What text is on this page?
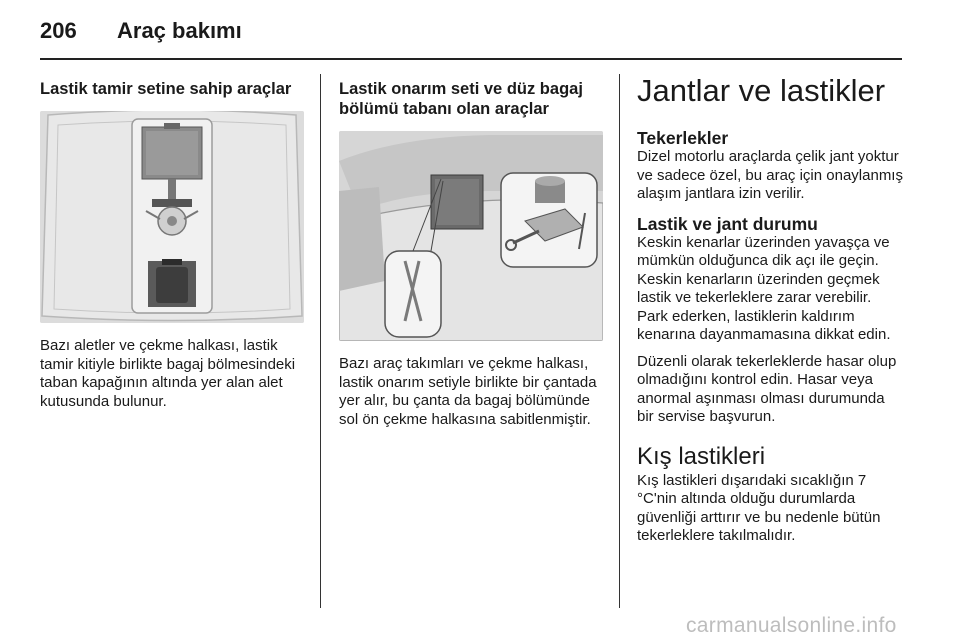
206 Araç bakımı
Lastik tamir setine sahip araçlar

Bazı aletler ve çekme halkası, lastik tamir kitiyle birlikte bagaj bölmesindeki taban kapağının altında yer alan alet kutusunda bulunur.

Lastik onarım seti ve düz bagaj bölümü tabanı olan araçlar

Bazı araç takımları ve çekme halkası, lastik onarım setiyle birlikte bir çantada yer alır, bu çanta da bagaj bölümünde sol ön çekme halkasına sabitlenmiştir.

Jantlar ve lastikler
Tekerlekler

Dizel motorlu araçlarda çelik jant yoktur ve sadece özel, bu araç için onaylanmış alaşım jantlara izin verilir.

Lastik ve jant durumu

Keskin kenarlar üzerinden yavaşça ve mümkün olduğunca dik açı ile geçin. Keskin kenarların üzerinden geçmek lastik ve tekerleklere zarar verebilir. Park ederken, lastiklerin kaldırım kenarına dayanmamasına dikkat edin.

Düzenli olarak tekerleklerde hasar olup olmadığını kontrol edin. Hasar veya anormal aşınması olması durumunda bir servise başvurun.

Kış lastikleri

Kış lastikleri dışarıdaki sıcaklığın 7 °C'nin altında olduğu durumlarda güvenliği arttırır ve bu nedenle bütün tekerleklere takılmalıdır.

carmanualsonline.info
